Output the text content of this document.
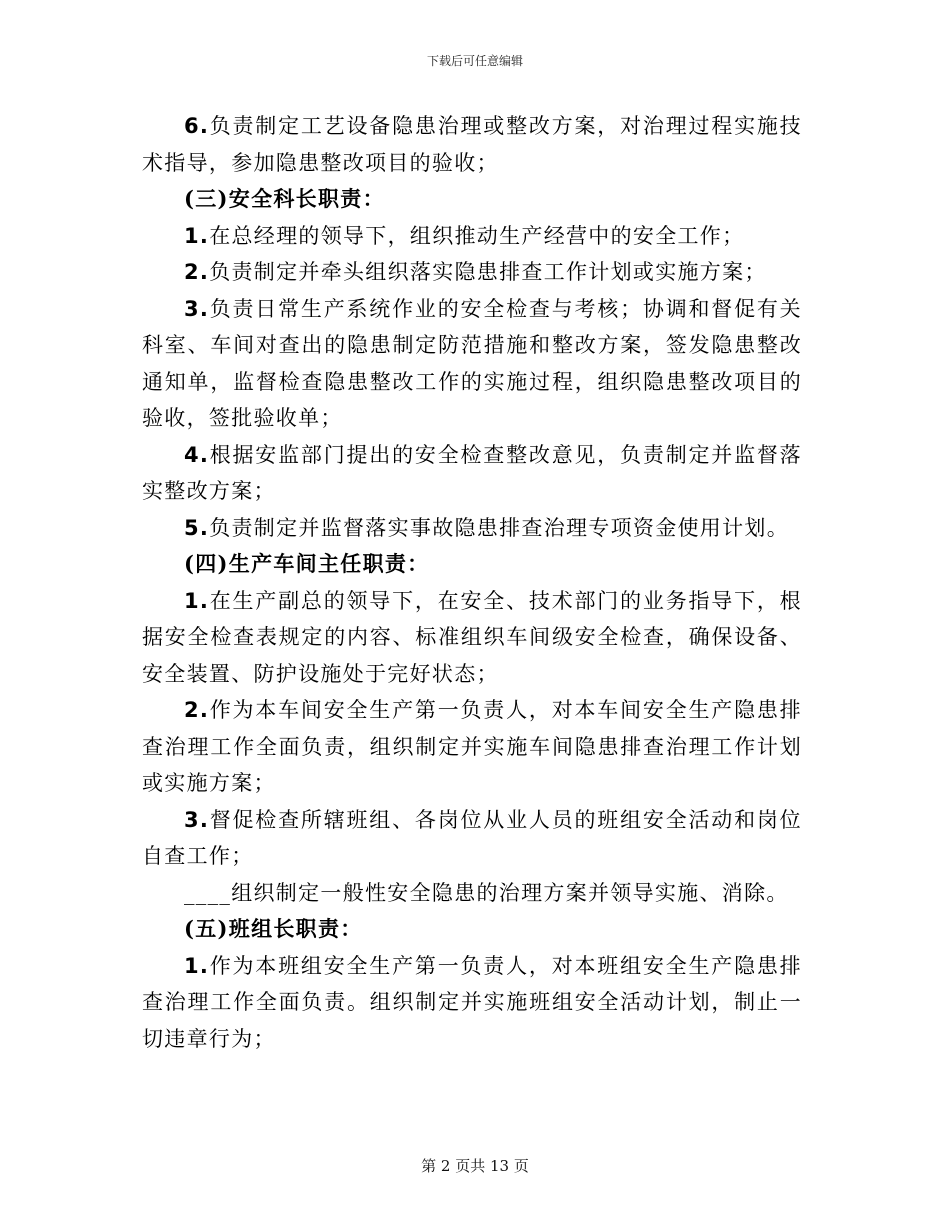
下载后可任意编辑

6.负责制定工艺设备隐患治理或整改方案，对治理过程实施技术指导，参加隐患整改项目的验收；

(三)安全科长职责：

1.在总经理的领导下，组织推动生产经营中的安全工作；

2.负责制定并牵头组织落实隐患排查工作计划或实施方案；

3.负责日常生产系统作业的安全检查与考核；协调和督促有关科室、车间对查出的隐患制定防范措施和整改方案，签发隐患整改通知单，监督检查隐患整改工作的实施过程，组织隐患整改项目的验收，签批验收单；

4.根据安监部门提出的安全检查整改意见，负责制定并监督落实整改方案；

5.负责制定并监督落实事故隐患排查治理专项资金使用计划。

(四)生产车间主任职责：

1.在生产副总的领导下，在安全、技术部门的业务指导下，根据安全检查表规定的内容、标准组织车间级安全检查，确保设备、安全装置、防护设施处于完好状态；

2.作为本车间安全生产第一负责人，对本车间安全生产隐患排查治理工作全面负责，组织制定并实施车间隐患排查治理工作计划或实施方案；

3.督促检查所辖班组、各岗位从业人员的班组安全活动和岗位自查工作；

____组织制定一般性安全隐患的治理方案并领导实施、消除。

(五)班组长职责：

1.作为本班组安全生产第一负责人，对本班组安全生产隐患排查治理工作全面负责。组织制定并实施班组安全活动计划，制止一切违章行为；

第 2 页共 13 页
